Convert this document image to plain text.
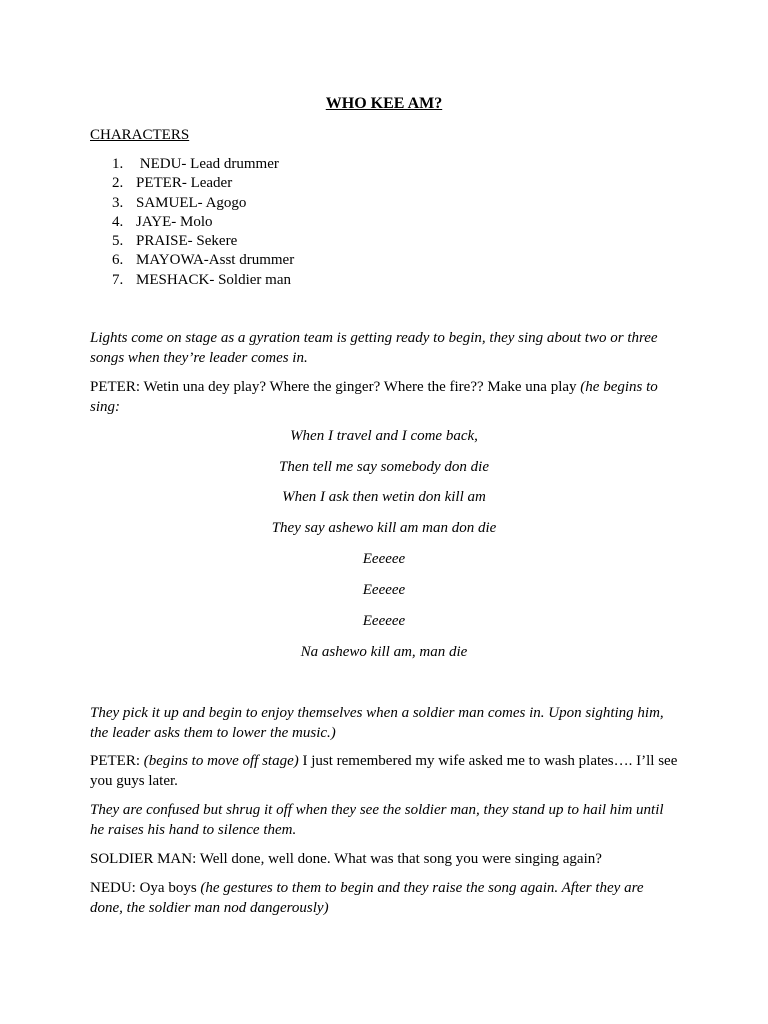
WHO KEE AM?
CHARACTERS
1. NEDU- Lead drummer
2. PETER- Leader
3. SAMUEL- Agogo
4. JAYE- Molo
5. PRAISE- Sekere
6. MAYOWA-Asst drummer
7. MESHACK- Soldier man
Lights come on stage as a gyration team is getting ready to begin, they sing about two or three songs when they’re leader comes in.
PETER: Wetin una dey play? Where the ginger? Where the fire?? Make una play (he begins to sing:
When I travel and I come back,
Then tell me say somebody don die
When I ask then wetin don kill am
They say ashewo kill am man don die
Eeeeee
Eeeeee
Eeeeee
Na ashewo kill am, man die
They pick it up and begin to enjoy themselves when a soldier man comes in. Upon sighting him, the leader asks them to lower the music.)
PETER: (begins to move off stage) I just remembered my wife asked me to wash plates…. I’ll see you guys later.
They are confused but shrug it off when they see the soldier man, they stand up to hail him until he raises his hand to silence them.
SOLDIER MAN: Well done, well done. What was that song you were singing again?
NEDU: Oya boys (he gestures to them to begin and they raise the song again. After they are done, the soldier man nod dangerously)
